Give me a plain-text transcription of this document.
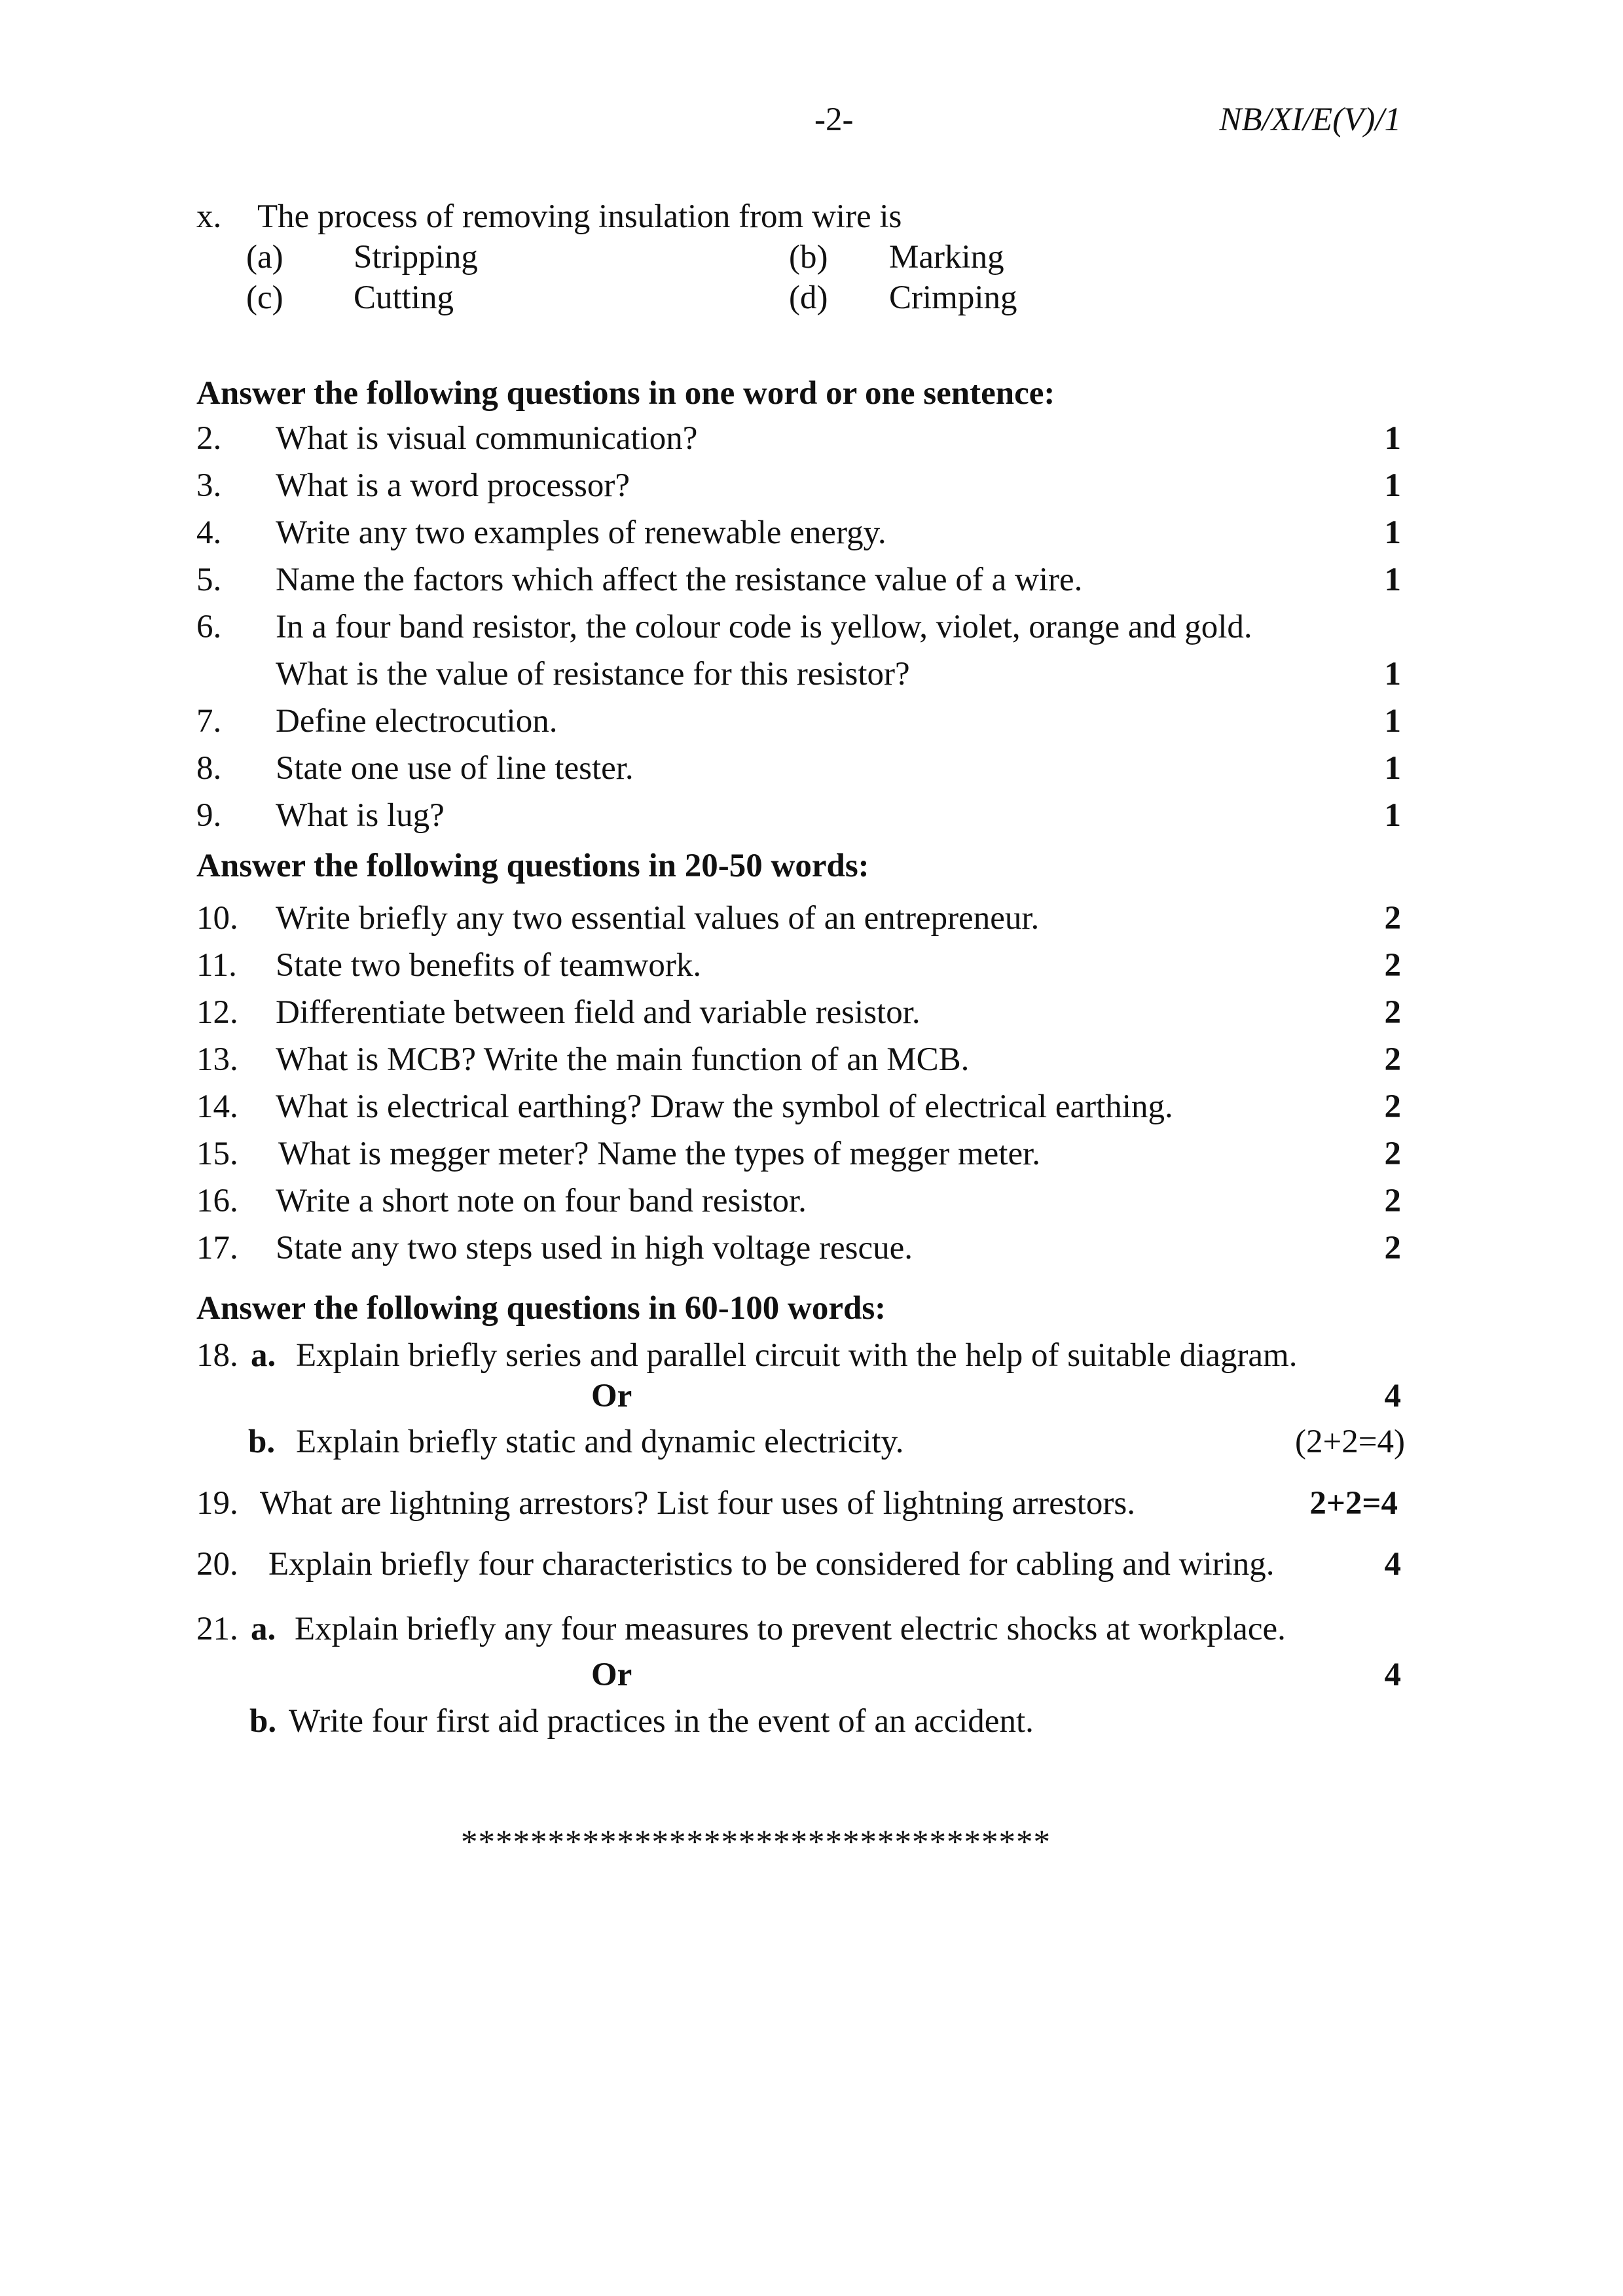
-2-	NB/XI/E(V)/1
x. The process of removing insulation from wire is
(a) Stripping	(b) Marking
(c) Cutting	(d) Crimping
Answer the following questions in one word or one sentence:
2. What is visual communication?	1
3. What is a word processor?	1
4. Write any two examples of renewable energy.	1
5. Name the factors which affect the resistance value of a wire.	1
6. In a four band resistor, the colour code is yellow, violet, orange and gold.
What is the value of resistance for this resistor?	1
7. Define electrocution.	1
8. State one use of line tester.	1
9. What is lug?	1
Answer the following questions in 20-50 words:
10. Write briefly any two essential values of an entrepreneur.	2
11. State two benefits of teamwork.	2
12. Differentiate between field and variable resistor.	2
13. What is MCB? Write the main function of an MCB.	2
14. What is electrical earthing? Draw the symbol of electrical earthing.	2
15. What is megger meter? Name the types of megger meter.	2
16. Write a short note on four band resistor.	2
17. State any two steps used in high voltage rescue.	2
Answer the following questions in 60-100 words:
18. a. Explain briefly series and parallel circuit with the help of suitable diagram.
Or	4
b. Explain briefly static and dynamic electricity.	(2+2=4)
19. What are lightning arrestors? List four uses of lightning arrestors.	2+2=4
20. Explain briefly four characteristics to be considered for cabling and wiring.	4
21. a. Explain briefly any four measures to prevent electric shocks at workplace.
Or	4
b. Write four first aid practices in the event of an accident.
**********************************
